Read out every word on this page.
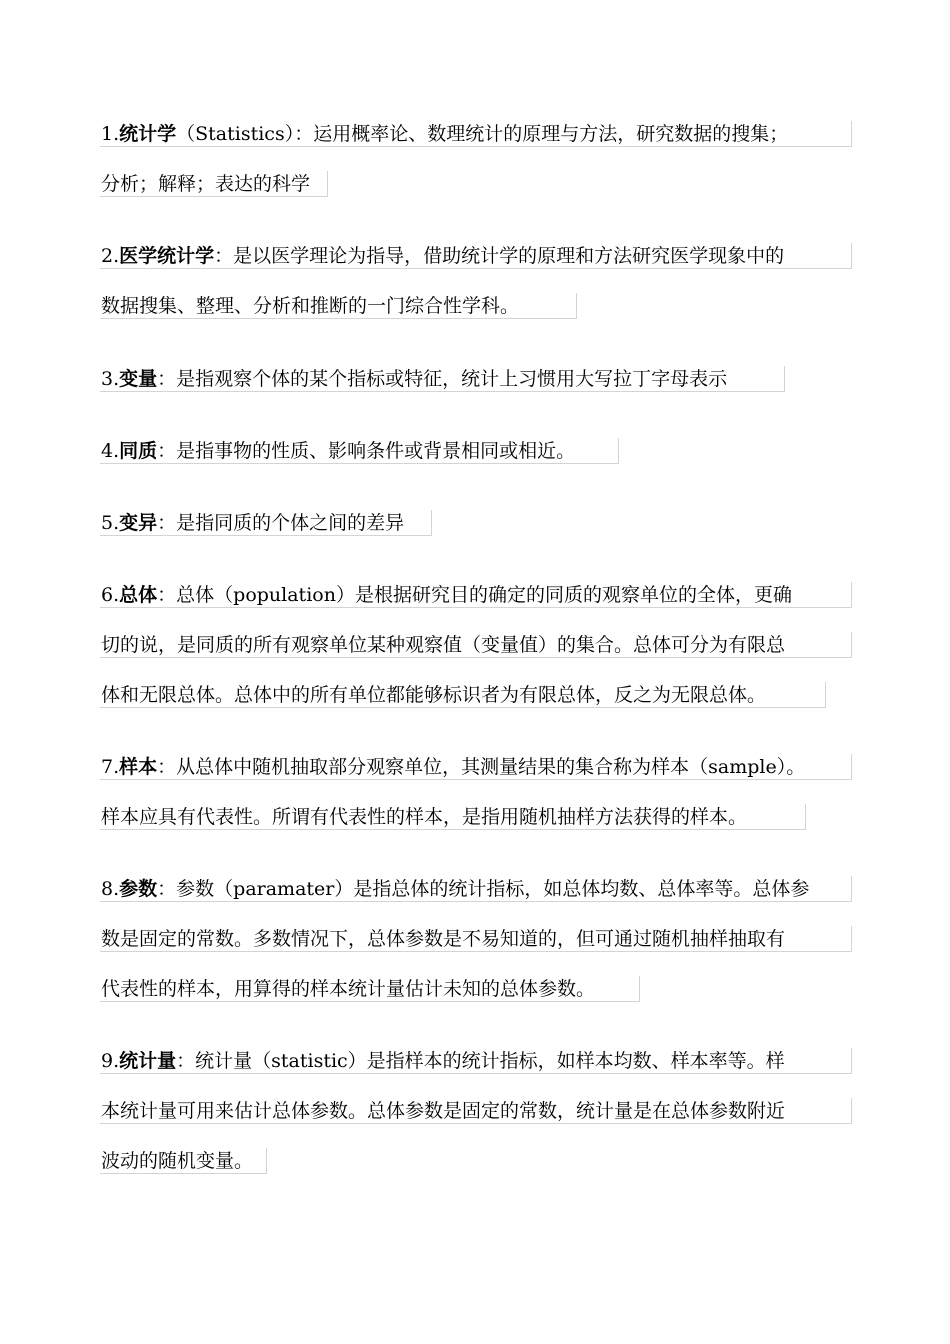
1.统计学（Statistics）：运用概率论、数理统计的原理与方法，研究数据的搜集；
分析；解释；表达的科学
2.医学统计学：是以医学理论为指导，借助统计学的原理和方法研究医学现象中的
数据搜集、整理、分析和推断的一门综合性学科。
3.变量：是指观察个体的某个指标或特征，统计上习惯用大写拉丁字母表示
4.同质：是指事物的性质、影响条件或背景相同或相近。
5.变异：是指同质的个体之间的差异
6.总体：总体（population）是根据研究目的确定的同质的观察单位的全体，更确
切的说，是同质的所有观察单位某种观察值（变量值）的集合。总体可分为有限总
体和无限总体。总体中的所有单位都能够标识者为有限总体，反之为无限总体。
7.样本：从总体中随机抽取部分观察单位，其测量结果的集合称为样本（sample）。
样本应具有代表性。所谓有代表性的样本，是指用随机抽样方法获得的样本。
8.参数：参数（paramater）是指总体的统计指标，如总体均数、总体率等。总体参
数是固定的常数。多数情况下，总体参数是不易知道的，但可通过随机抽样抽取有
代表性的样本，用算得的样本统计量估计未知的总体参数。
9.统计量：统计量（statistic）是指样本的统计指标，如样本均数、样本率等。样
本统计量可用来估计总体参数。总体参数是固定的常数，统计量是在总体参数附近
波动的随机变量。
